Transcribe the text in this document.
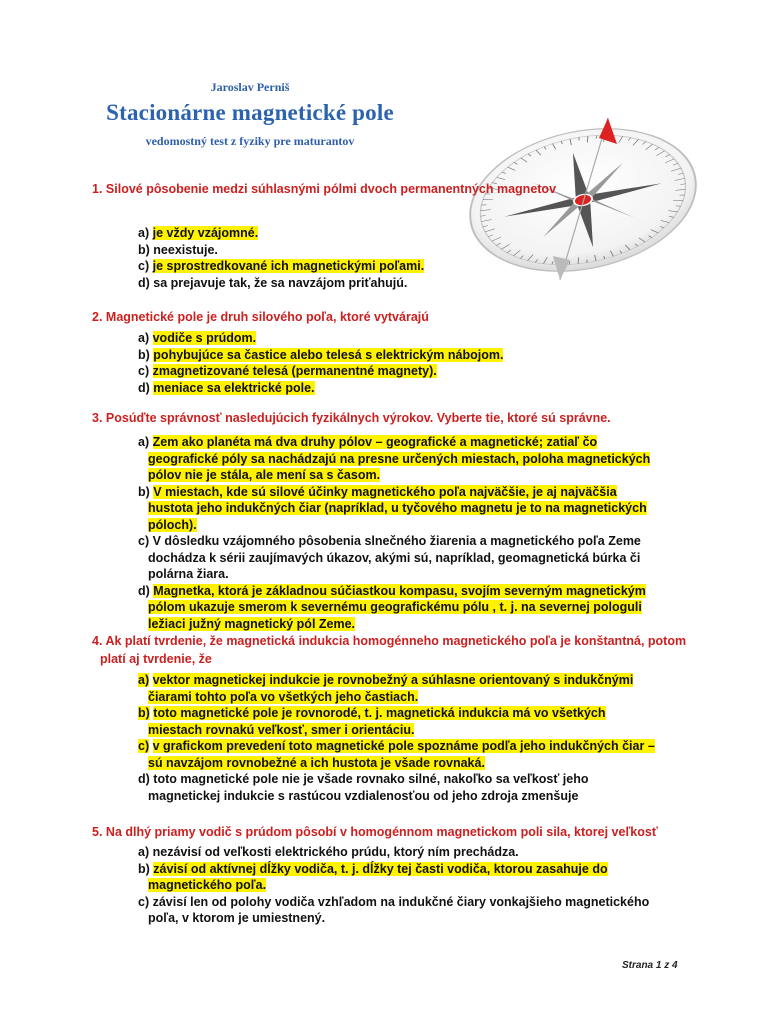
Jaroslav Perniš
Stacionárne magnetické pole
vedomostný test z fyziky pre maturantov
1. Silové pôsobenie medzi súhlasnými pólmi dvoch permanentných magnetov
a) je vždy vzájomné.
b) neexistuje.
c) je sprostredkované ich magnetickými poľami.
d) sa prejavuje tak, že sa navzájom priťahujú.
2. Magnetické pole je druh silového poľa, ktoré vytvárajú
a) vodiče s prúdom.
b) pohybujúce sa častice alebo telesá s elektrickým nábojom.
c) zmagnetizované telesá (permanentné magnety).
d) meniace sa elektrické pole.
3. Posúďte správnosť nasledujúcich fyzikálnych výrokov. Vyberte tie, ktoré sú správne.
a) Zem ako planéta má dva druhy pólov – geografické a magnetické; zatiaľ čo geografické póly sa nachádzajú na presne určených miestach, poloha magnetických pólov nie je stála, ale mení sa s časom.
b) V miestach, kde sú silové účinky magnetického poľa najväčšie, je aj najväčšia hustota jeho indukčných čiar (napríklad, u tyčového magnetu je to na magnetických póloch).
c) V dôsledku vzájomného pôsobenia slnečného žiarenia a magnetického poľa Zeme dochádza k sérii zaujímavých úkazov, akými sú, napríklad, geomagnetická búrka či polárna žiara.
d) Magnetka, ktorá je základnou súčiastkou kompasu, svojím severným magnetickým pólom ukazuje smerom k severnému geografickému pólu , t. j. na severnej pologuli ležiaci južný magnetický pól Zeme.
4. Ak platí tvrdenie, že magnetická indukcia homogénneho magnetického poľa je konštantná, potom platí aj tvrdenie, že
a) vektor magnetickej indukcie je rovnobežný a súhlasne orientovaný s indukčnými čiarami tohto poľa vo všetkých jeho častiach.
b) toto magnetické pole je rovnorodé, t. j. magnetická indukcia má vo všetkých miestach rovnakú veľkosť, smer i orientáciu.
c) v grafickom prevedení toto magnetické pole spoznáme podľa jeho indukčných čiar – sú navzájom rovnobežné a ich hustota je všade rovnaká.
d) toto magnetické pole nie je všade rovnako silné, nakoľko sa veľkosť jeho magnetickej indukcie s rastúcou vzdialenosťou od jeho zdroja zmenšuje
5. Na dlhý priamy vodič s prúdom pôsobí v homogénnom magnetickom poli sila, ktorej veľkosť
a) nezávisí od veľkosti elektrického prúdu, ktorý ním prechádza.
b) závisí od aktívnej dĺžky vodiča, t. j. dĺžky tej časti vodiča, ktorou zasahuje do magnetického poľa.
c) závisí len od polohy vodiča vzhľadom na indukčné čiary vonkajšieho magnetického poľa, v ktorom je umiestnený.
Strana 1 z 4
